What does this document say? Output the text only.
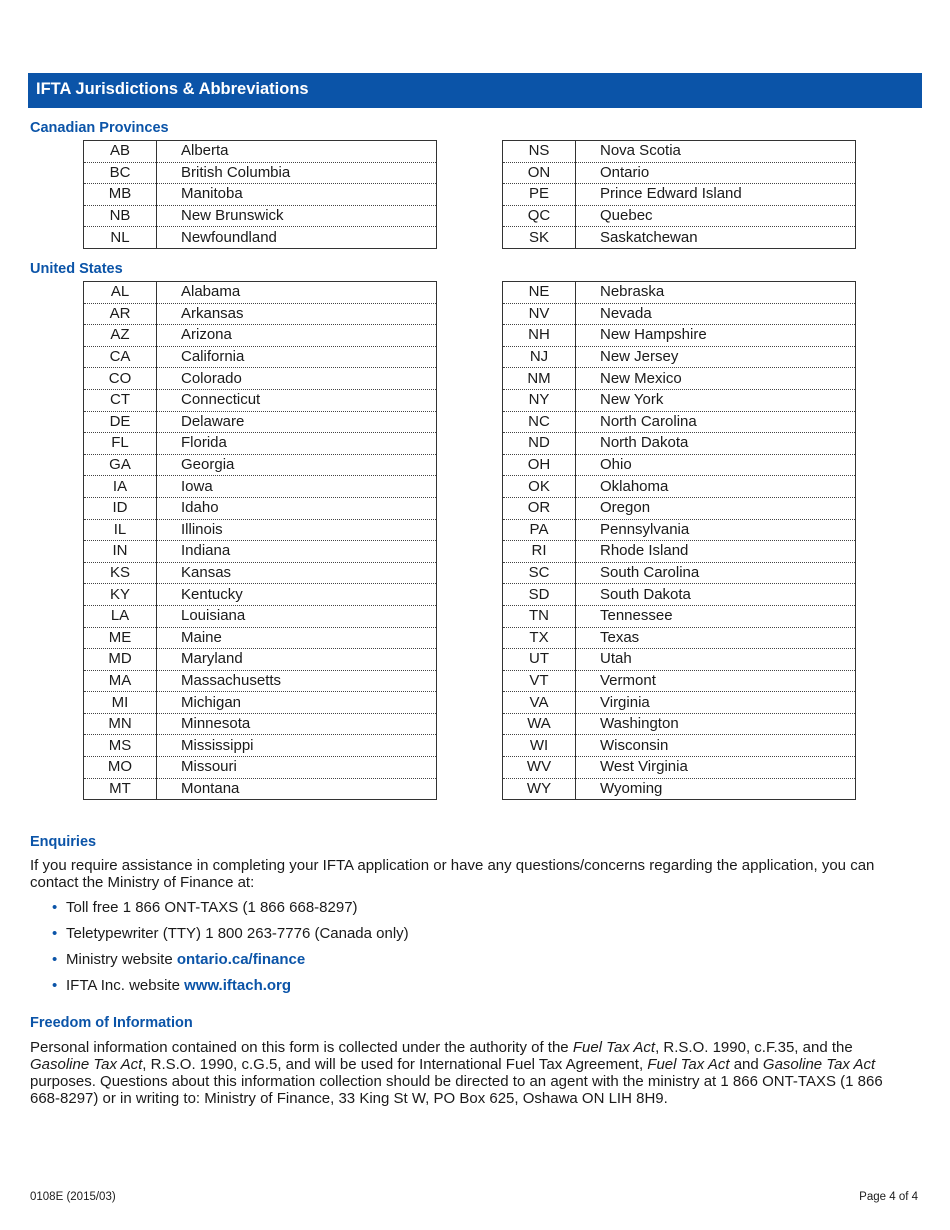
IFTA Jurisdictions & Abbreviations
Canadian Provinces
AB	Alberta
BC	British Columbia
MB	Manitoba
NB	New Brunswick
NL	Newfoundland
NS	Nova Scotia
ON	Ontario
PE	Prince Edward Island
QC	Quebec
SK	Saskatchewan
United States
AL	Alabama
AR	Arkansas
AZ	Arizona
CA	California
CO	Colorado
CT	Connecticut
DE	Delaware
FL	Florida
GA	Georgia
IA	Iowa
ID	Idaho
IL	Illinois
IN	Indiana
KS	Kansas
KY	Kentucky
LA	Louisiana
ME	Maine
MD	Maryland
MA	Massachusetts
MI	Michigan
MN	Minnesota
MS	Mississippi
MO	Missouri
MT	Montana
NE	Nebraska
NV	Nevada
NH	New Hampshire
NJ	New Jersey
NM	New Mexico
NY	New York
NC	North Carolina
ND	North Dakota
OH	Ohio
OK	Oklahoma
OR	Oregon
PA	Pennsylvania
RI	Rhode Island
SC	South Carolina
SD	South Dakota
TN	Tennessee
TX	Texas
UT	Utah
VT	Vermont
VA	Virginia
WA	Washington
WI	Wisconsin
WV	West Virginia
WY	Wyoming
Enquiries
If you require assistance in completing your IFTA application or have any questions/concerns regarding the application, you can contact the Ministry of Finance at:
• Toll free 1 866 ONT-TAXS (1 866 668-8297)
• Teletypewriter (TTY) 1 800 263-7776 (Canada only)
• Ministry website ontario.ca/finance
• IFTA Inc. website www.iftach.org
Freedom of Information
Personal information contained on this form is collected under the authority of the Fuel Tax Act, R.S.O. 1990, c.F.35, and the Gasoline Tax Act, R.S.O. 1990, c.G.5, and will be used for International Fuel Tax Agreement, Fuel Tax Act and Gasoline Tax Act purposes. Questions about this information collection should be directed to an agent with the ministry at 1 866 ONT-TAXS (1 866 668-8297) or in writing to: Ministry of Finance, 33 King St W, PO Box 625, Oshawa ON LIH 8H9.
0108E (2015/03)	Page 4 of 4
